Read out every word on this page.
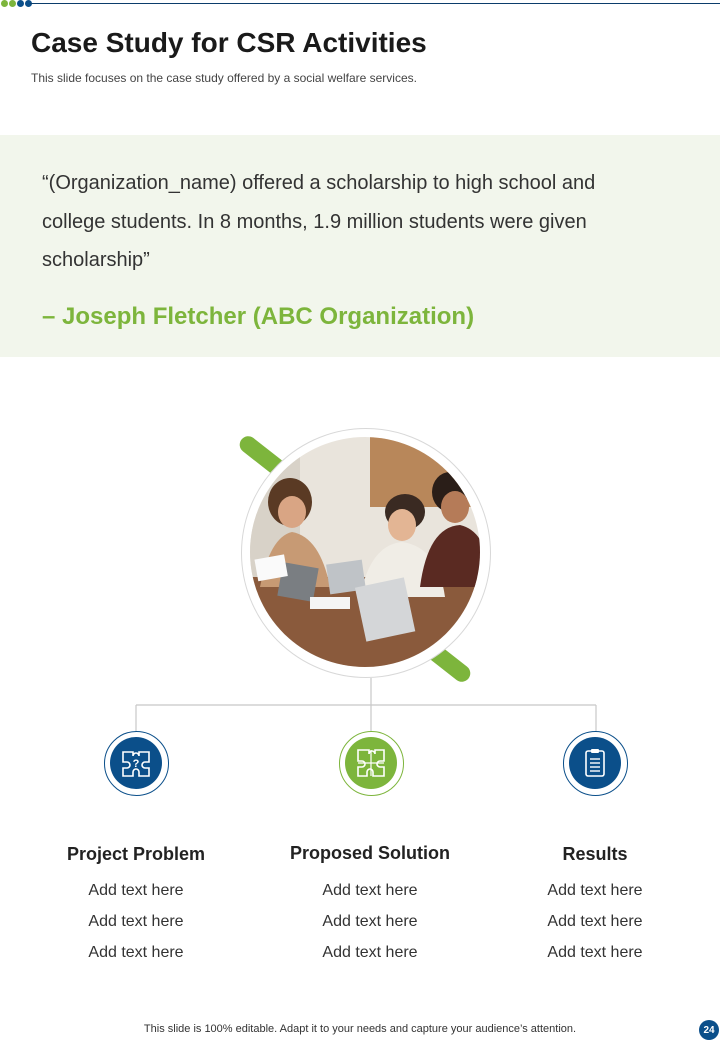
Case Study for CSR Activities

This slide focuses on the case study offered by a social welfare services.

“(Organization_name) offered a scholarship to high school and college students. In 8 months, 1.9 million students were given scholarship”

– Joseph Fletcher (ABC Organization)

?
Project Problem
Add text here
Add text here
Add text here
Proposed Solution
Add text here
Add text here
Add text here
Results
Add text here
Add text here
Add text here

This slide is 100% editable. Adapt it to your needs and capture your audience’s attention.	24
